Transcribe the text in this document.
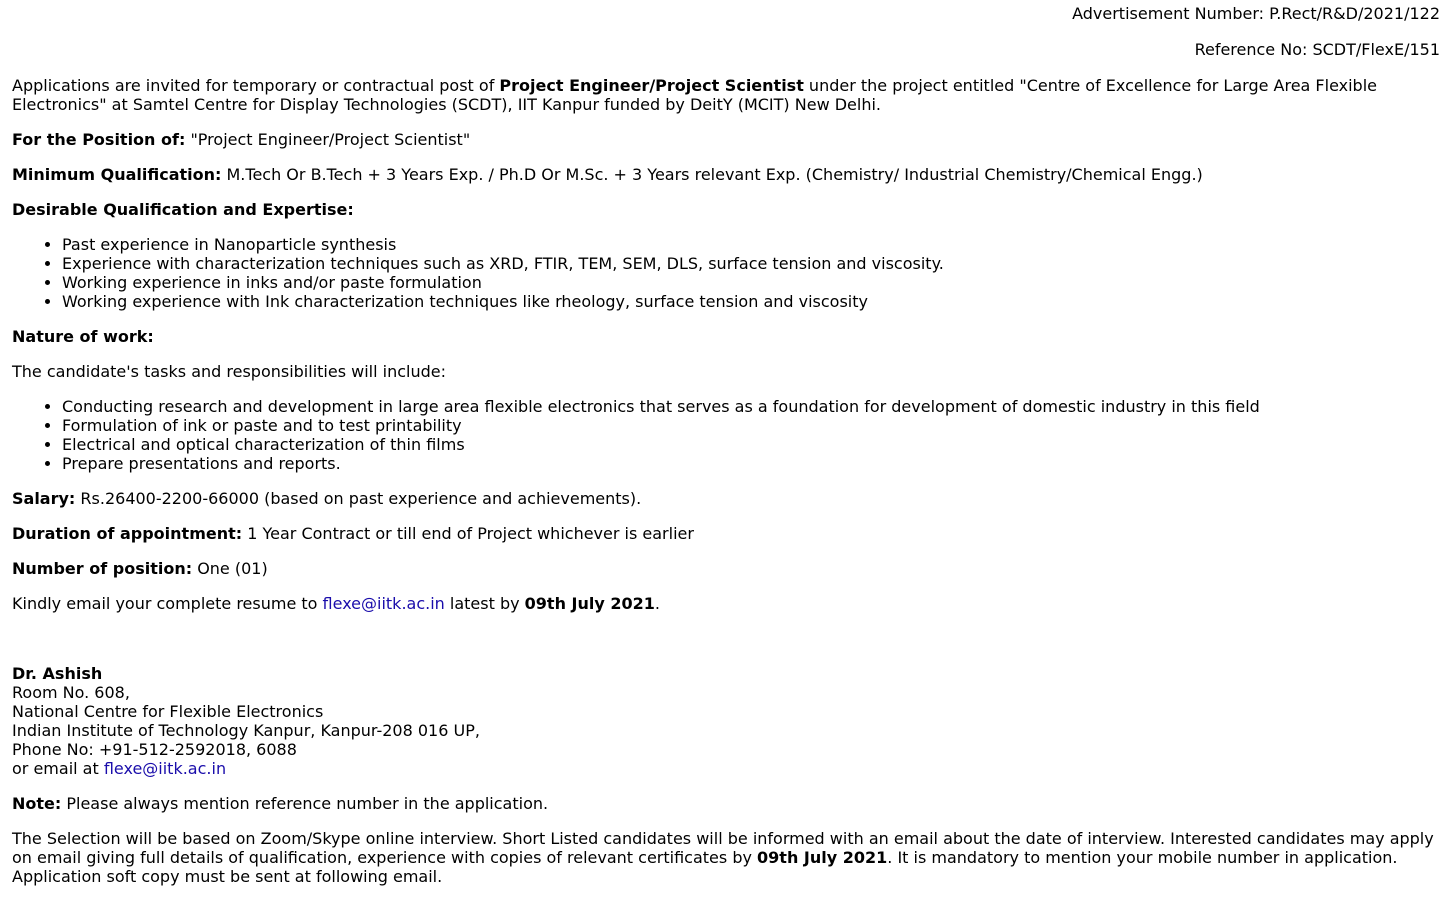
Advertisement Number: P.Rect/R&D/2021/122

Reference No: SCDT/FlexE/151

Applications are invited for temporary or contractual post of Project Engineer/Project Scientist under the project entitled "Centre of Excellence for Large Area Flexible Electronics" at Samtel Centre for Display Technologies (SCDT), IIT Kanpur funded by DeitY (MCIT) New Delhi.

For the Position of: "Project Engineer/Project Scientist"

Minimum Qualification: M.Tech Or B.Tech + 3 Years Exp. / Ph.D Or M.Sc. + 3 Years relevant Exp. (Chemistry/ Industrial Chemistry/Chemical Engg.)

Desirable Qualification and Expertise:

• Past experience in Nanoparticle synthesis
• Experience with characterization techniques such as XRD, FTIR, TEM, SEM, DLS, surface tension and viscosity.
• Working experience in inks and/or paste formulation
• Working experience with Ink characterization techniques like rheology, surface tension and viscosity

Nature of work:

The candidate's tasks and responsibilities will include:

• Conducting research and development in large area flexible electronics that serves as a foundation for development of domestic industry in this field
• Formulation of ink or paste and to test printability
• Electrical and optical characterization of thin films
• Prepare presentations and reports.

Salary: Rs.26400-2200-66000 (based on past experience and achievements).

Duration of appointment: 1 Year Contract or till end of Project whichever is earlier

Number of position: One (01)

Kindly email your complete resume to flexe@iitk.ac.in latest by 09th July 2021.

Dr. Ashish
Room No. 608,
National Centre for Flexible Electronics
Indian Institute of Technology Kanpur, Kanpur-208 016 UP,
Phone No: +91-512-2592018, 6088
or email at flexe@iitk.ac.in

Note: Please always mention reference number in the application.

The Selection will be based on Zoom/Skype online interview. Short Listed candidates will be informed with an email about the date of interview. Interested candidates may apply on email giving full details of qualification, experience with copies of relevant certificates by 09th July 2021. It is mandatory to mention your mobile number in application. Application soft copy must be sent at following email.
